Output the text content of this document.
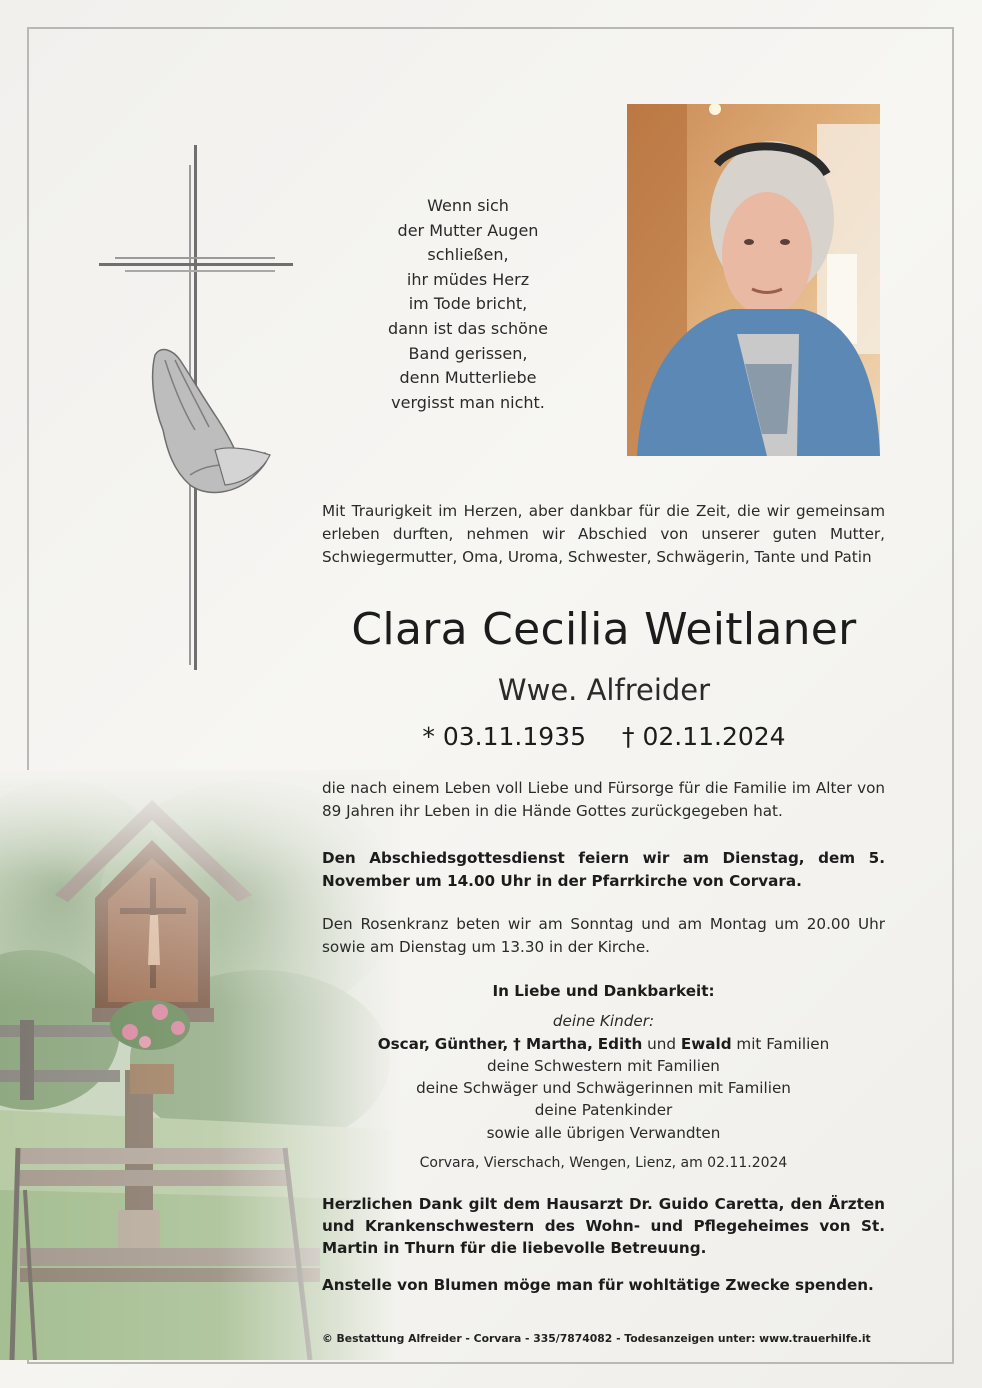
Wenn sich
der Mutter Augen
schließen,
ihr müdes Herz
im Tode bricht,
dann ist das schöne
Band gerissen,
denn Mutterliebe
vergisst man nicht.
Mit Traurigkeit im Herzen, aber dankbar für die Zeit, die wir gemeinsam erleben durften, nehmen wir Abschied von unserer guten Mutter, Schwiegermutter, Oma, Uroma, Schwester, Schwägerin, Tante und Patin
Clara Cecilia Weitlaner
Wwe. Alfreider
* 03.11.1935 † 02.11.2024
die nach einem Leben voll Liebe und Fürsorge für die Familie im Alter von 89 Jahren ihr Leben in die Hände Gottes zurückgegeben hat.
Den Abschiedsgottesdienst feiern wir am Dienstag, dem 5. November um 14.00 Uhr in der Pfarrkirche von Corvara.
Den Rosenkranz beten wir am Sonntag und am Montag um 20.00 Uhr sowie am Dienstag um 13.30 in der Kirche.
In Liebe und Dankbarkeit:
deine Kinder:
Oscar, Günther, † Martha, Edith und Ewald mit Familien
deine Schwestern mit Familien
deine Schwäger und Schwägerinnen mit Familien
deine Patenkinder
sowie alle übrigen Verwandten
Corvara, Vierschach, Wengen, Lienz, am 02.11.2024
Herzlichen Dank gilt dem Hausarzt Dr. Guido Caretta, den Ärzten und Krankenschwestern des Wohn- und Pflegeheimes von St. Martin in Thurn für die liebevolle Betreuung.
Anstelle von Blumen möge man für wohltätige Zwecke spenden.
© Bestattung Alfreider - Corvara - 335/7874082 - Todesanzeigen unter: www.trauerhilfe.it
